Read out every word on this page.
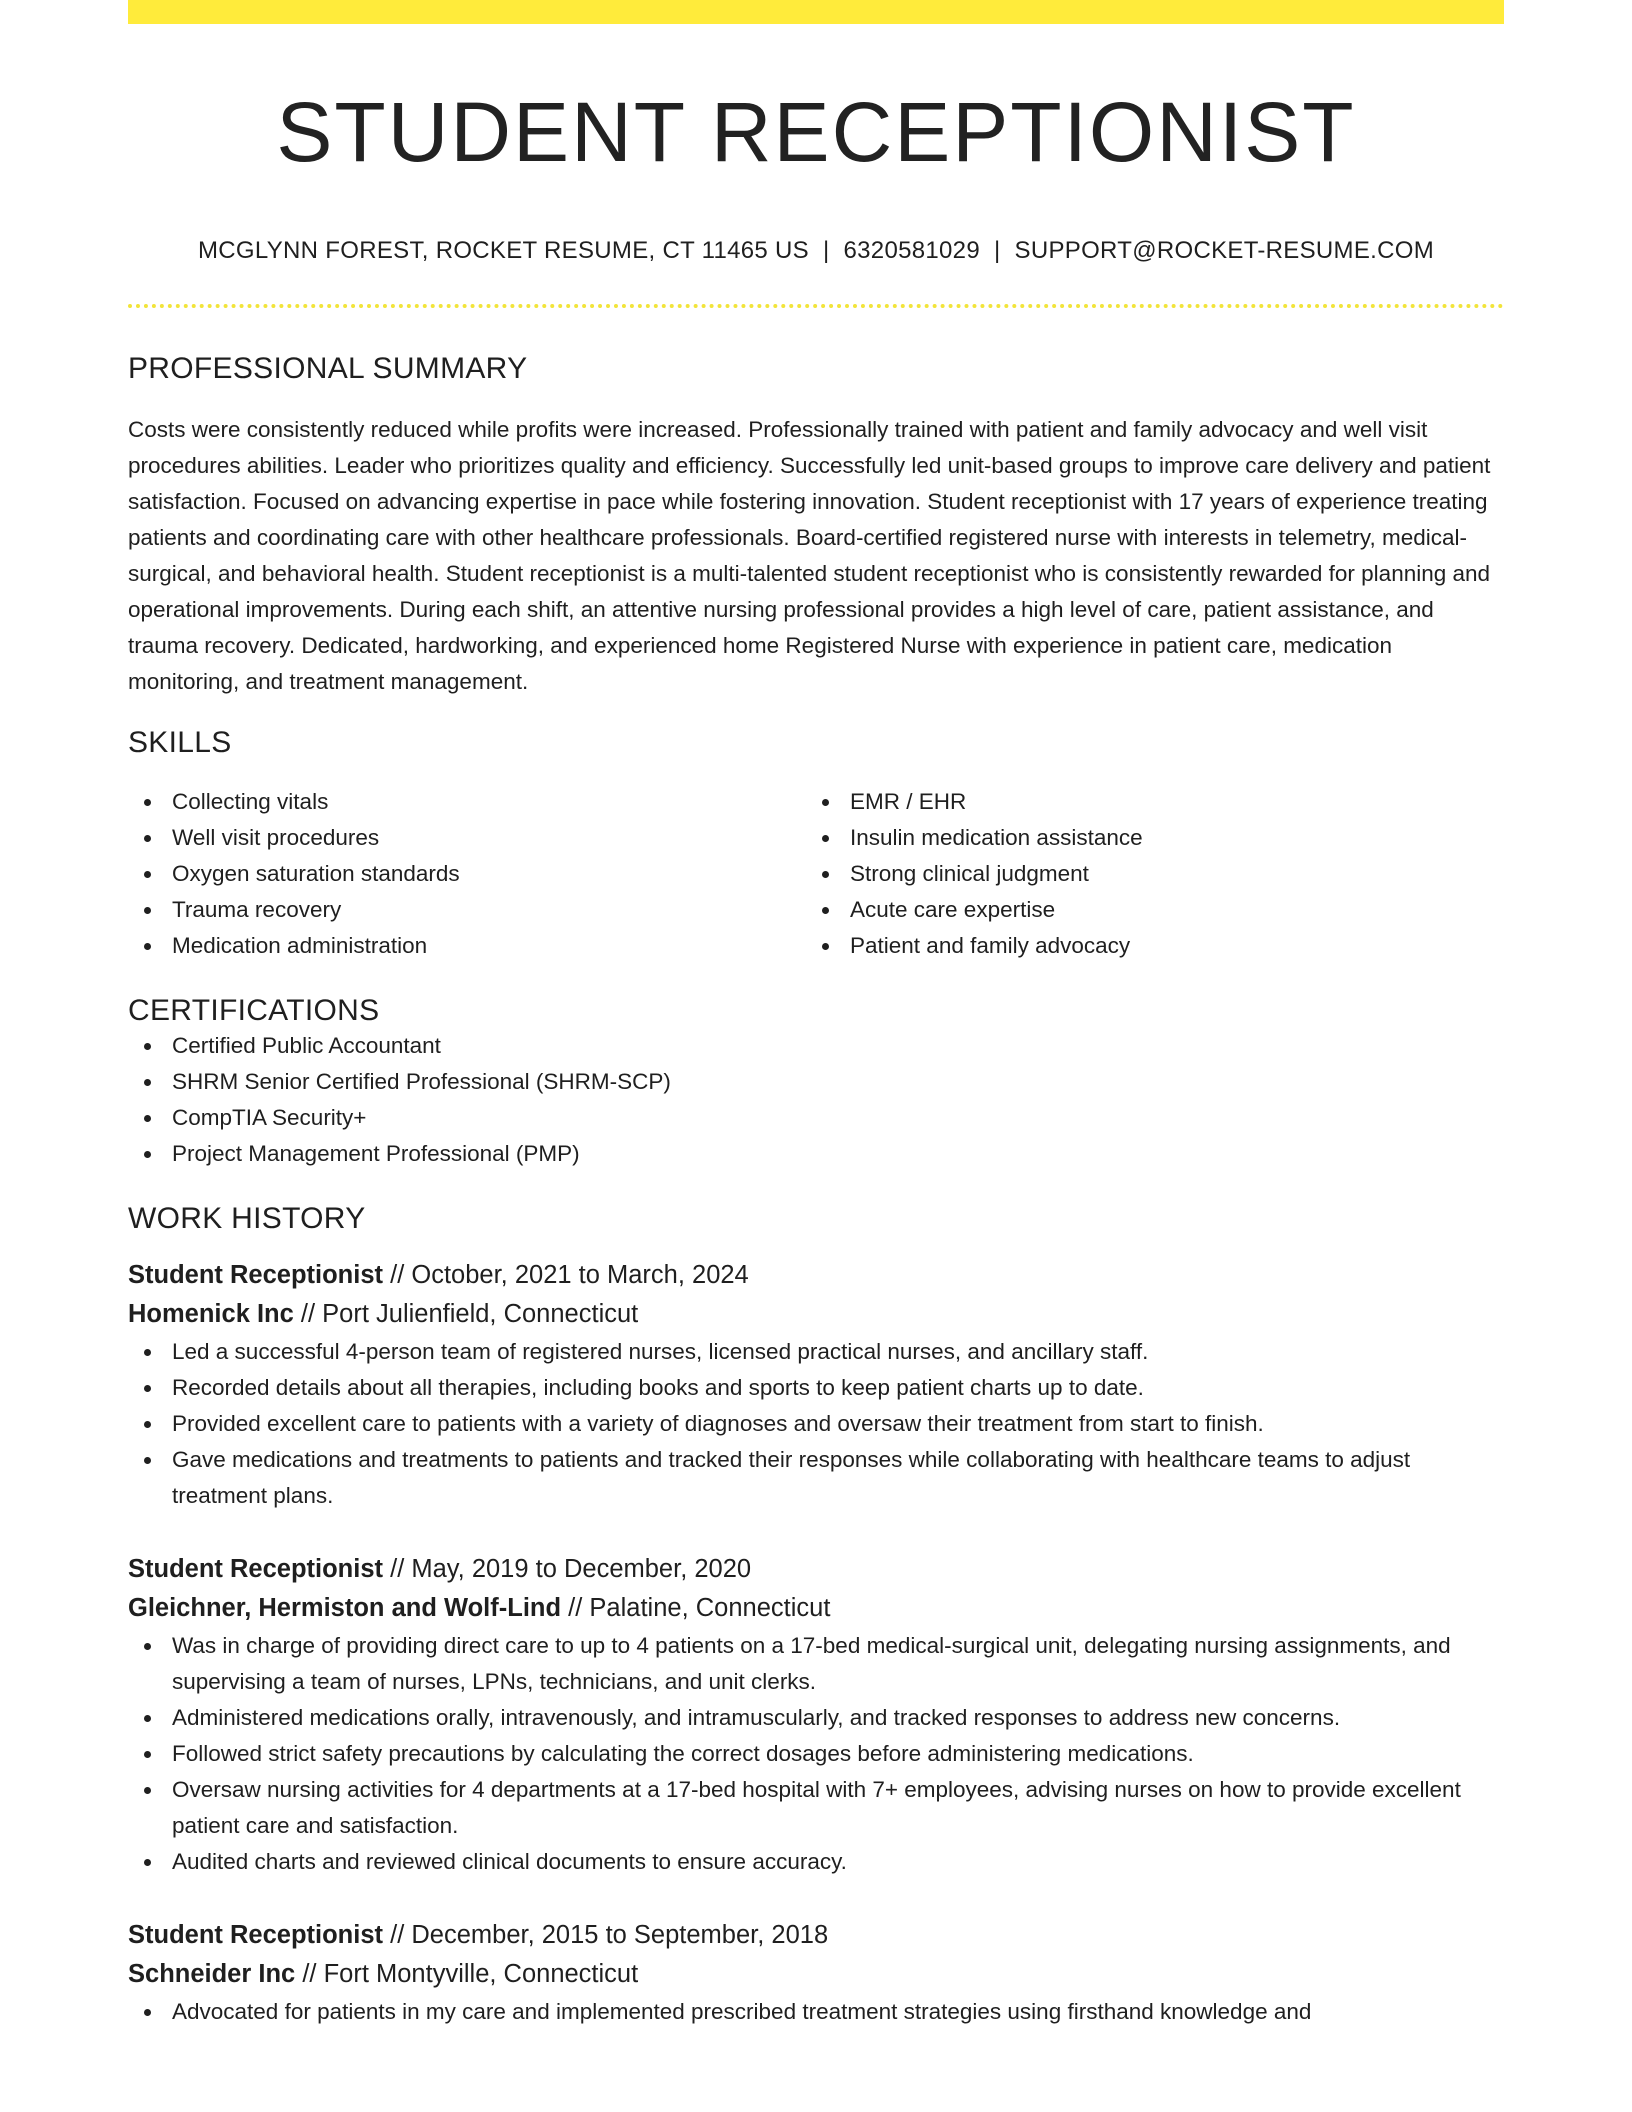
STUDENT RECEPTIONIST
MCGLYNN FOREST, ROCKET RESUME, CT 11465 US | 6320581029 | SUPPORT@ROCKET-RESUME.COM
PROFESSIONAL SUMMARY
Costs were consistently reduced while profits were increased. Professionally trained with patient and family advocacy and well visit procedures abilities. Leader who prioritizes quality and efficiency. Successfully led unit-based groups to improve care delivery and patient satisfaction. Focused on advancing expertise in pace while fostering innovation. Student receptionist with 17 years of experience treating patients and coordinating care with other healthcare professionals. Board-certified registered nurse with interests in telemetry, medical-surgical, and behavioral health. Student receptionist is a multi-talented student receptionist who is consistently rewarded for planning and operational improvements. During each shift, an attentive nursing professional provides a high level of care, patient assistance, and trauma recovery. Dedicated, hardworking, and experienced home Registered Nurse with experience in patient care, medication monitoring, and treatment management.
SKILLS
Collecting vitals
Well visit procedures
Oxygen saturation standards
Trauma recovery
Medication administration
EMR / EHR
Insulin medication assistance
Strong clinical judgment
Acute care expertise
Patient and family advocacy
CERTIFICATIONS
Certified Public Accountant
SHRM Senior Certified Professional (SHRM-SCP)
CompTIA Security+
Project Management Professional (PMP)
WORK HISTORY
Student Receptionist // October, 2021 to March, 2024
Homenick Inc // Port Julienfield, Connecticut
Led a successful 4-person team of registered nurses, licensed practical nurses, and ancillary staff.
Recorded details about all therapies, including books and sports to keep patient charts up to date.
Provided excellent care to patients with a variety of diagnoses and oversaw their treatment from start to finish.
Gave medications and treatments to patients and tracked their responses while collaborating with healthcare teams to adjust treatment plans.
Student Receptionist // May, 2019 to December, 2020
Gleichner, Hermiston and Wolf-Lind // Palatine, Connecticut
Was in charge of providing direct care to up to 4 patients on a 17-bed medical-surgical unit, delegating nursing assignments, and supervising a team of nurses, LPNs, technicians, and unit clerks.
Administered medications orally, intravenously, and intramuscularly, and tracked responses to address new concerns.
Followed strict safety precautions by calculating the correct dosages before administering medications.
Oversaw nursing activities for 4 departments at a 17-bed hospital with 7+ employees, advising nurses on how to provide excellent patient care and satisfaction.
Audited charts and reviewed clinical documents to ensure accuracy.
Student Receptionist // December, 2015 to September, 2018
Schneider Inc // Fort Montyville, Connecticut
Advocated for patients in my care and implemented prescribed treatment strategies using firsthand knowledge and
